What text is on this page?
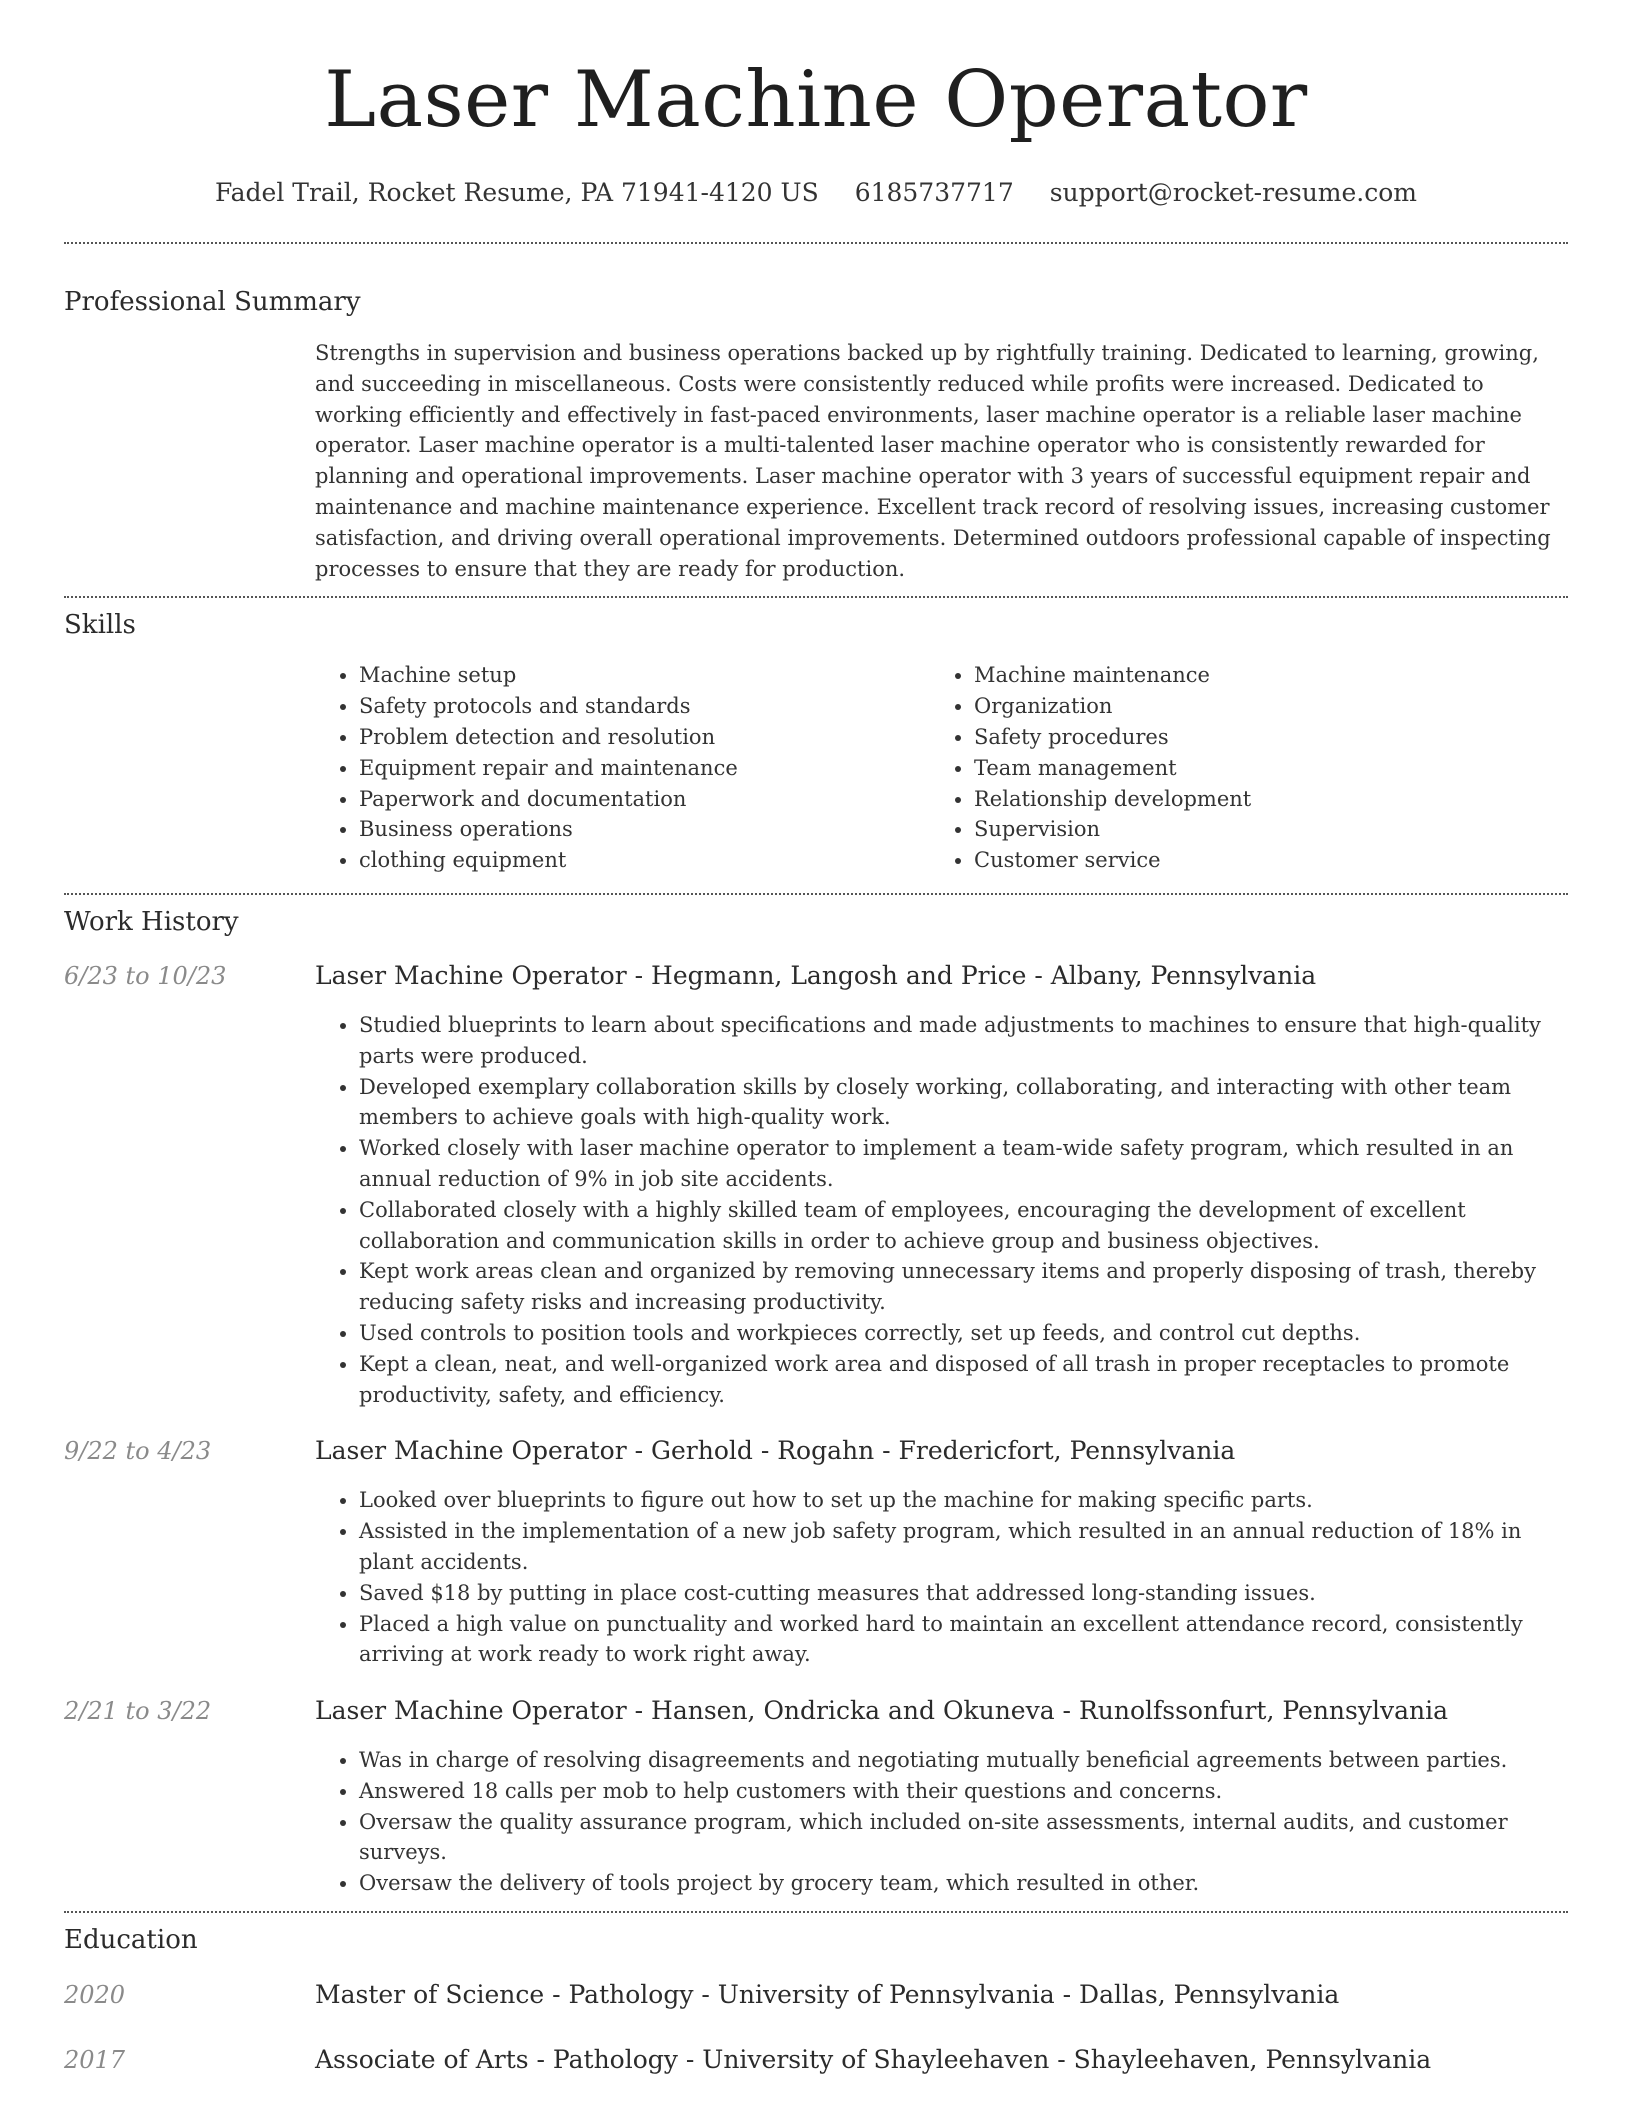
Laser Machine Operator
Fadel Trail, Rocket Resume, PA 71941-4120 US 6185737717 support@rocket-resume.com
Professional Summary

Strengths in supervision and business operations backed up by rightfully training. Dedicated to learning, growing, and succeeding in miscellaneous. Costs were consistently reduced while profits were increased. Dedicated to working efficiently and effectively in fast-paced environments, laser machine operator is a reliable laser machine operator. Laser machine operator is a multi-talented laser machine operator who is consistently rewarded for planning and operational improvements. Laser machine operator with 3 years of successful equipment repair and maintenance and machine maintenance experience. Excellent track record of resolving issues, increasing customer satisfaction, and driving overall operational improvements. Determined outdoors professional capable of inspecting processes to ensure that they are ready for production.

Skills
• Machine setup
• Safety protocols and standards
• Problem detection and resolution
• Equipment repair and maintenance
• Paperwork and documentation
• Business operations
• clothing equipment
• Machine maintenance
• Organization
• Safety procedures
• Team management
• Relationship development
• Supervision
• Customer service
Work History
6/23 to 10/23	Laser Machine Operator - Hegmann, Langosh and Price - Albany, Pennsylvania
• Studied blueprints to learn about specifications and made adjustments to machines to ensure that high-quality parts were produced.
• Developed exemplary collaboration skills by closely working, collaborating, and interacting with other team members to achieve goals with high-quality work.
• Worked closely with laser machine operator to implement a team-wide safety program, which resulted in an annual reduction of 9% in job site accidents.
• Collaborated closely with a highly skilled team of employees, encouraging the development of excellent collaboration and communication skills in order to achieve group and business objectives.
• Kept work areas clean and organized by removing unnecessary items and properly disposing of trash, thereby reducing safety risks and increasing productivity.
• Used controls to position tools and workpieces correctly, set up feeds, and control cut depths.
• Kept a clean, neat, and well-organized work area and disposed of all trash in proper receptacles to promote productivity, safety, and efficiency.
9/22 to 4/23	Laser Machine Operator - Gerhold - Rogahn - Fredericfort, Pennsylvania
• Looked over blueprints to figure out how to set up the machine for making specific parts.
• Assisted in the implementation of a new job safety program, which resulted in an annual reduction of 18% in plant accidents.
• Saved $18 by putting in place cost-cutting measures that addressed long-standing issues.
• Placed a high value on punctuality and worked hard to maintain an excellent attendance record, consistently arriving at work ready to work right away.
2/21 to 3/22	Laser Machine Operator - Hansen, Ondricka and Okuneva - Runolfssonfurt, Pennsylvania
• Was in charge of resolving disagreements and negotiating mutually beneficial agreements between parties.
• Answered 18 calls per mob to help customers with their questions and concerns.
• Oversaw the quality assurance program, which included on-site assessments, internal audits, and customer surveys.
• Oversaw the delivery of tools project by grocery team, which resulted in other.
Education
2020	Master of Science - Pathology - University of Pennsylvania - Dallas, Pennsylvania
2017	Associate of Arts - Pathology - University of Shayleehaven - Shayleehaven, Pennsylvania
